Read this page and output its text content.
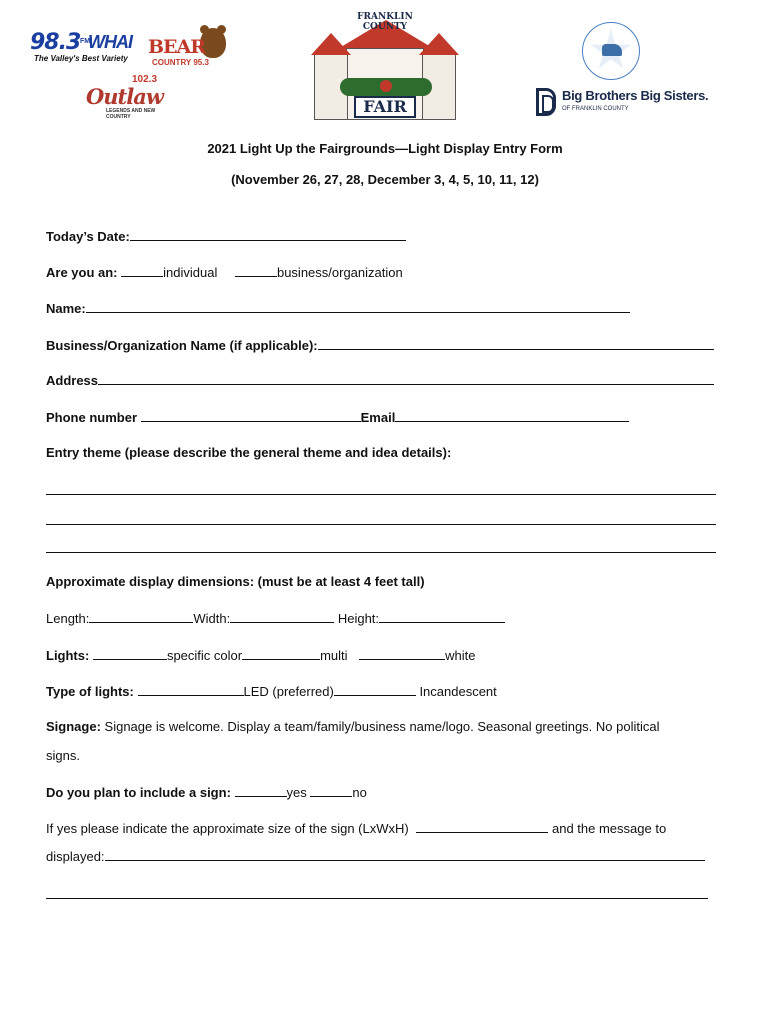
98.3 FM
WHAI
The Valley's Best Variety
BEAR
COUNTRY 95.3
102.3
Outlaw
LEGENDS AND NEW COUNTRY
FAIR
FRANKLIN
COUNTY
Big Brothers Big Sisters.
OF FRANKLIN COUNTY
2021 Light Up the Fairgrounds—Light Display Entry Form
(November 26, 27, 28, December 3, 4, 5, 10, 11, 12)
Today’s Date:
Are you an:	individual	business/organization
Name:
Business/Organization Name (if applicable):
Address
Phone number	Email
Entry theme (please describe the general theme and idea details):
Approximate display dimensions: (must be at least 4 feet tall)
Length:	Width:	Height:
Lights:	specific color	multi	white
Type of lights:	LED (preferred)	Incandescent
Signage: Signage is welcome. Display a team/family/business name/logo. Seasonal greetings. No political
signs.
Do you plan to include a sign:	yes	no
If yes please indicate the approximate size of the sign (LxWxH)	and the message to
displayed:
